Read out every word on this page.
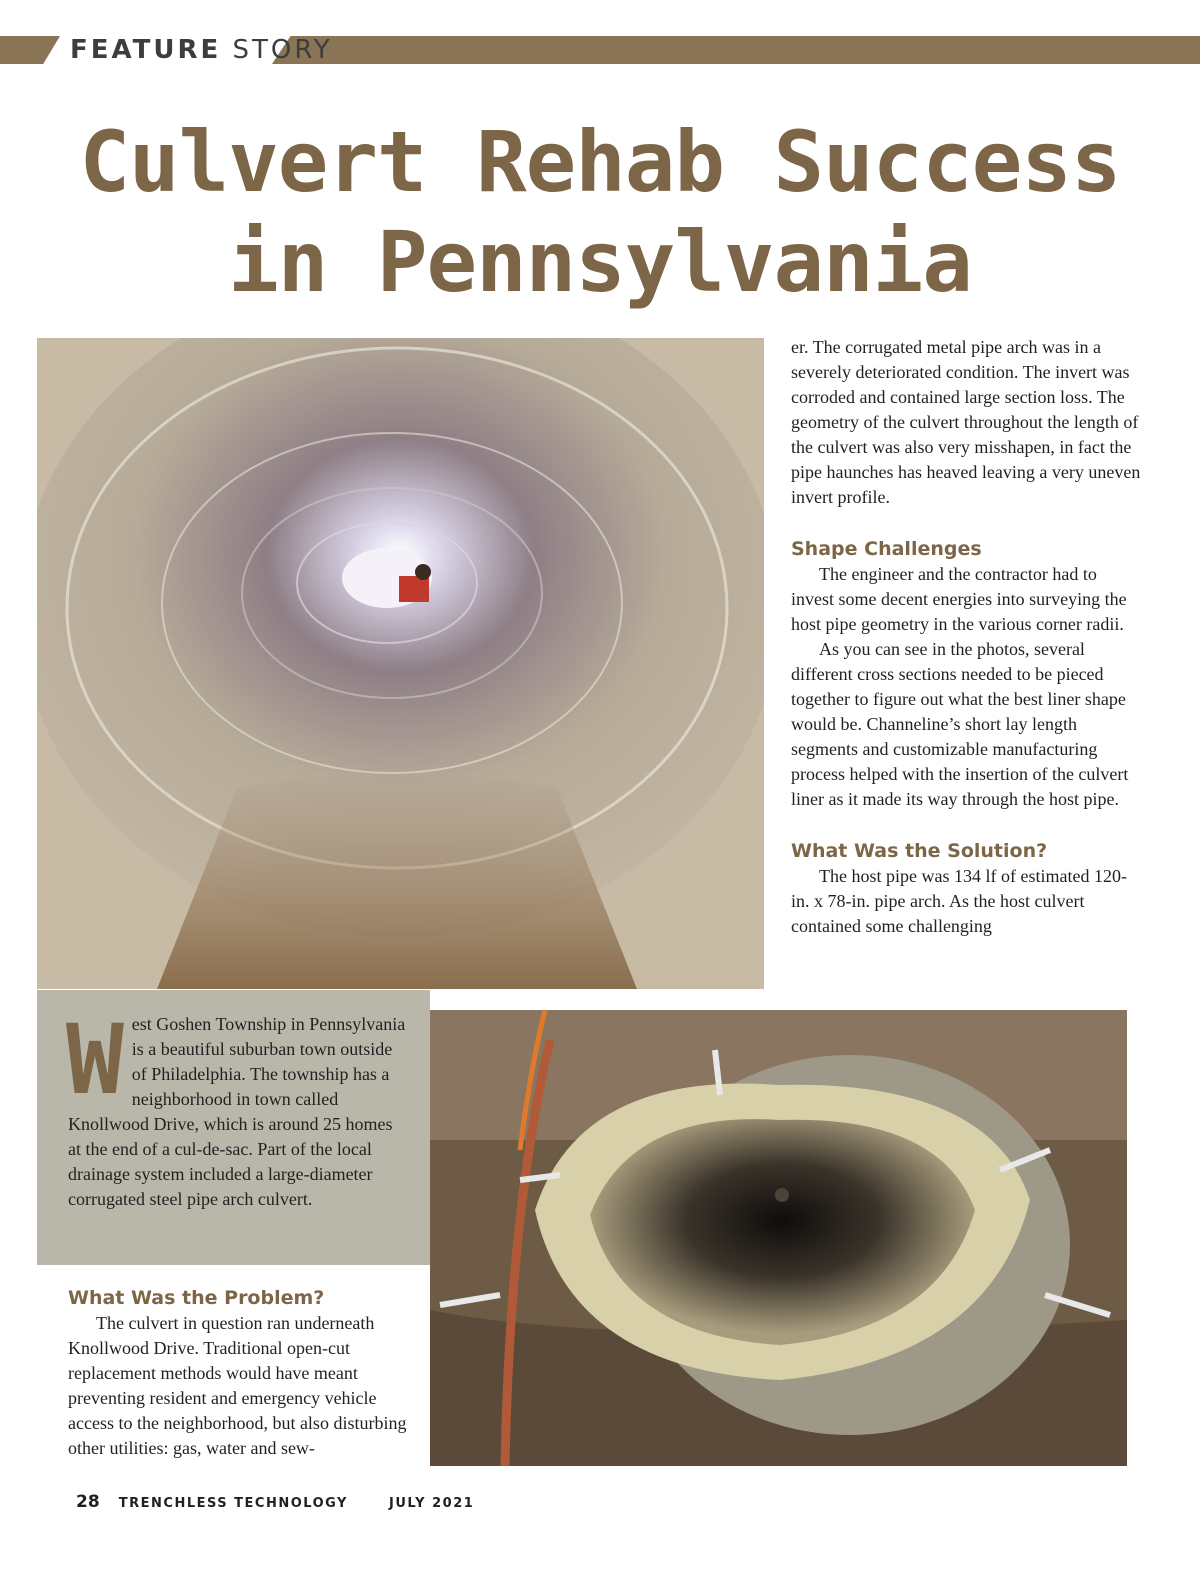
FEATURE STORY
Culvert Rehab Success in Pennsylvania

er. The corrugated metal pipe arch was in a severely deteriorated condition. The invert was corroded and contained large section loss. The geometry of the culvert throughout the length of the culvert was also very misshapen, in fact the pipe haunches has heaved leaving a very uneven invert profile.

Shape Challenges

The engineer and the contractor had to invest some decent energies into surveying the host pipe geometry in the various corner radii.

As you can see in the photos, several different cross sections needed to be pieced together to figure out what the best liner shape would be. Channeline’s short lay length segments and customizable manufacturing process helped with the insertion of the culvert liner as it made its way through the host pipe.

What Was the Solution?

The host pipe was 134 lf of estimated 120-in. x 78-in. pipe arch. As the host culvert contained some challenging

W est Goshen Township in Pennsylvania is a beautiful suburban town outside of Philadelphia. The township has a neighborhood in town called Knollwood Drive, which is around 25 homes at the end of a cul-de-sac. Part of the local drainage system included a large-diameter corrugated steel pipe arch culvert.
What Was the Problem?

The culvert in question ran underneath Knollwood Drive. Traditional open-cut replacement methods would have meant preventing resident and emergency vehicle access to the neighborhood, but also disturbing other utilities: gas, water and sew-

28 TRENCHLESS TECHNOLOGY	JULY 2021
